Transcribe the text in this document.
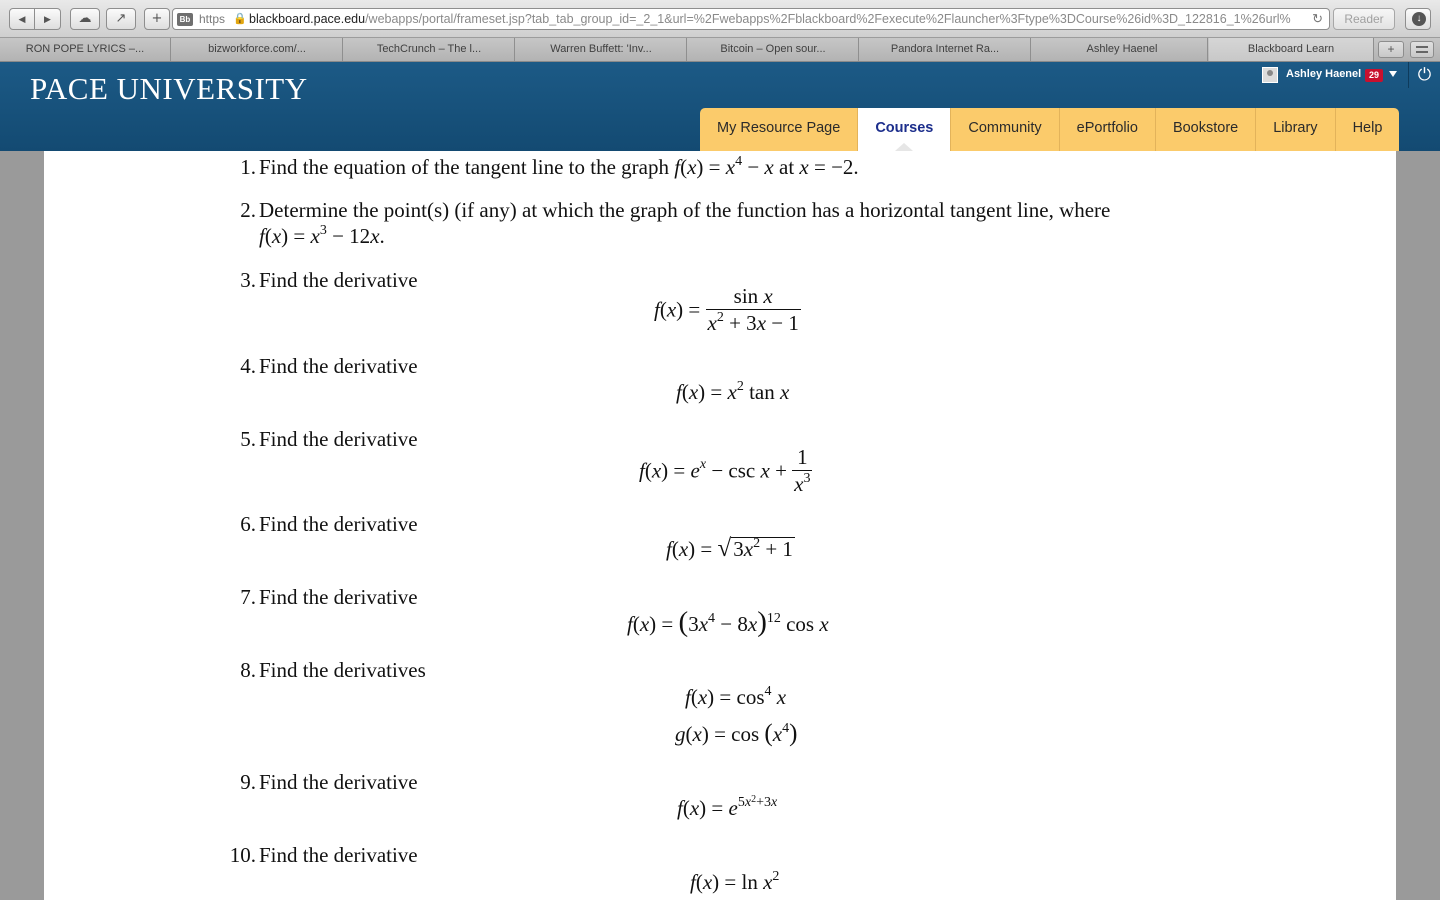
◀	▶	☁	↗	+	Bb https 🔒 blackboard.pace.edu/webapps/portal/frameset.jsp?tab_tab_group_id=_2_1&url=%2Fwebapps%2Fblackboard%2Fexecute%2Flauncher%3Ftype%3DCourse%26id%3D_122816_1%26url% ↻	Reader	↓
RON POPE LYRICS –...	bizworkforce.com/...	TechCrunch – The l...	Warren Buffett: 'Inv...	Bitcoin – Open sour...	Pandora Internet Ra...	Ashley Haenel	Blackboard Learn	+
PACE UNIVERSITY	Ashley Haenel 29	⏻
My Resource Page	Courses	Community	ePortfolio	Bookstore	Library	Help
1. Find the equation of the tangent line to the graph $f(x) = x^4 - x$ at x = −2.
2. Determine the point(s) (if any) at which the graph of the function has a horizontal tangent line, where
$f(x) = x^3 - 12x$.
3. Find the derivative
$f(x) = \frac{\text{sin x}}{x^2 + 3x - 1}$
4. Find the derivative
$f(x) = x^2$ tan x
5. Find the derivative
$f(x) = e^x - \csc x + \frac{1}{x^3}$
6. Find the derivative
$f(x) = √3x^2 + 1$
7. Find the derivative
$f(x) = (3x^4 - 8x)^{12}$ cos x
8. Find the derivatives
$f(x) = \cos^4 x$
$g(x) = \cos (x^4)$
9. Find the derivative
$f(x) = e^{5x^2+3x}$
10. Find the derivative
$f(x) = \ln x^2$
